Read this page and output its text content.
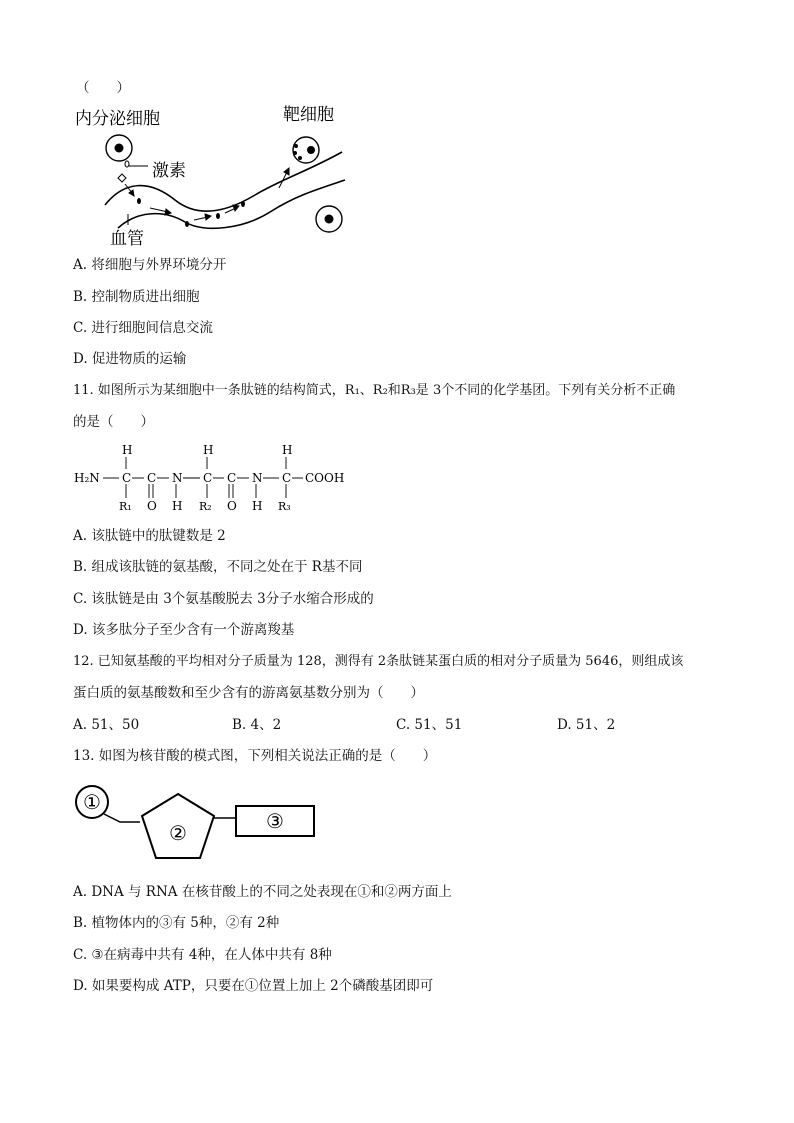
（　　）
内分泌细胞	靶细胞
激素
血管
A. 将细胞与外界环境分开
B. 控制物质进出细胞
C. 进行细胞间信息交流
D. 促进物质的运输
11. 如图所示为某细胞中一条肽链的结构简式，R₁、R₂和R₃是 3个不同的化学基团。下列有关分析不正确
的是（　　）
H₂N C	C	C
C	C
N	N	COOH
H	H	H
R₁ O H R₂ O H R₃
A. 该肽链中的肽键数是 2
B. 组成该肽链的氨基酸，不同之处在于 R基不同
C. 该肽链是由 3个氨基酸脱去 3分子水缩合形成的
D. 该多肽分子至少含有一个游离羧基
12. 已知氨基酸的平均相对分子质量为 128，测得有 2条肽链某蛋白质的相对分子质量为 5646，则组成该
蛋白质的氨基酸数和至少含有的游离氨基数分别为（　　）
A. 51、50	B. 4、2	C. 51、51	D. 51、2
13. 如图为核苷酸的模式图，下列相关说法正确的是（　　）
①
②	③
A. DNA 与 RNA 在核苷酸上的不同之处表现在①和②两方面上
B. 植物体内的③有 5种，②有 2种
C. ③在病毒中共有 4种，在人体中共有 8种
D. 如果要构成 ATP，只要在①位置上加上 2个磷酸基团即可
